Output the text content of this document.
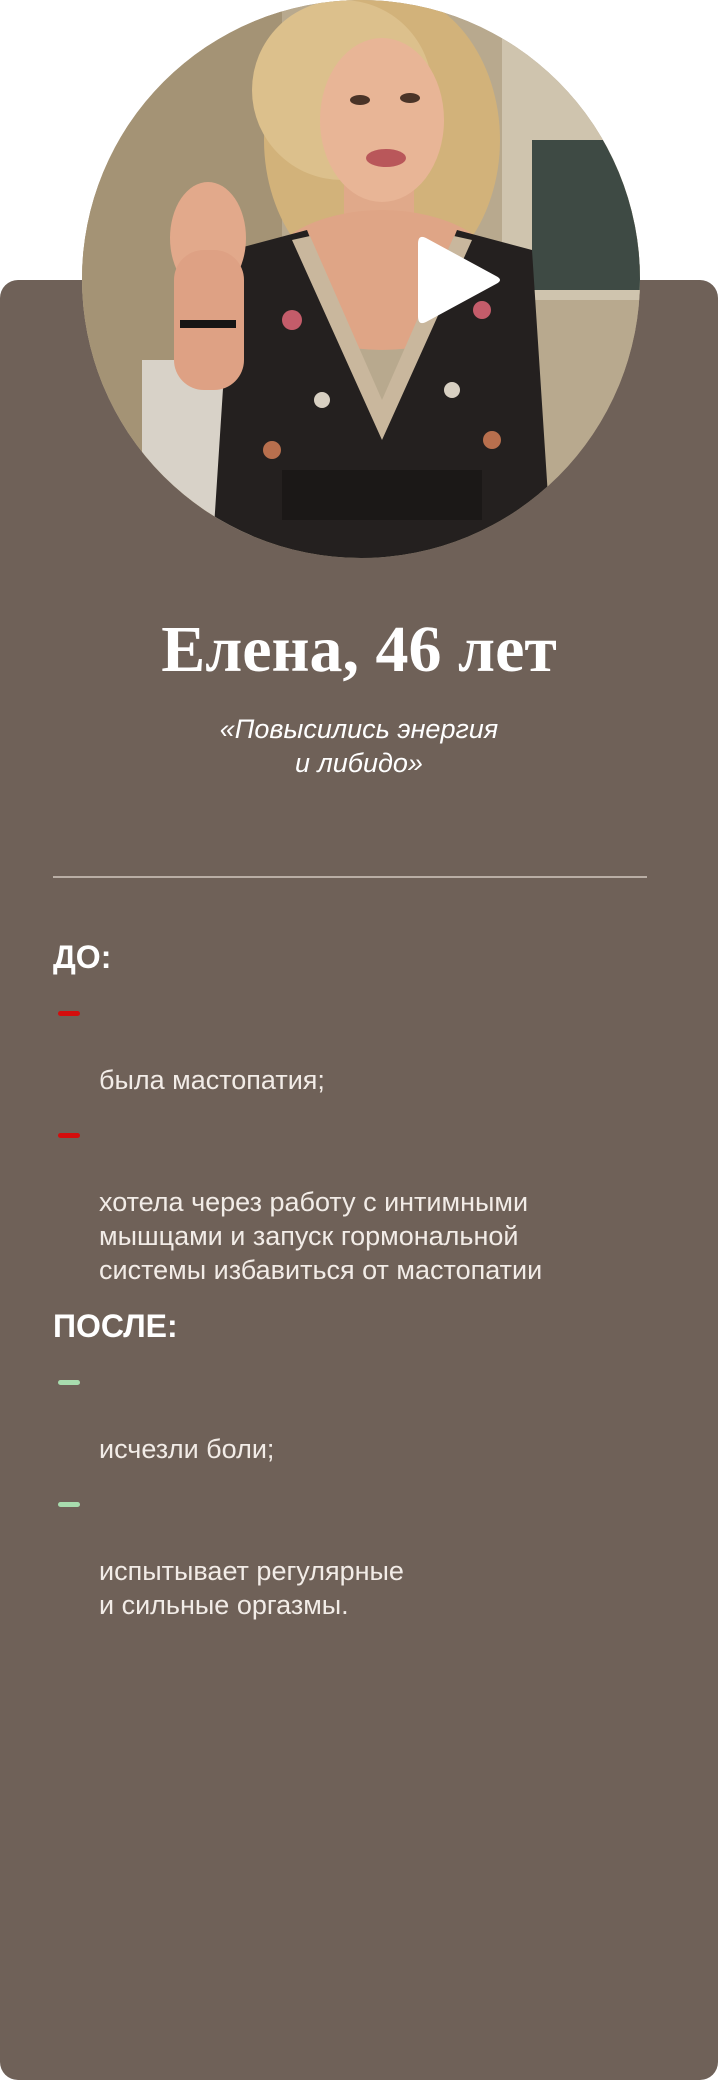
Елена, 46 лет
«Повысились энергия
и либидо»
ДО:

была мастопатия;

хотела через работу с интимными
мышцами и запуск гормональной
системы избавиться от мастопатии

ПОСЛЕ:

исчезли боли;

испытывает регулярные
и сильные оргазмы.
